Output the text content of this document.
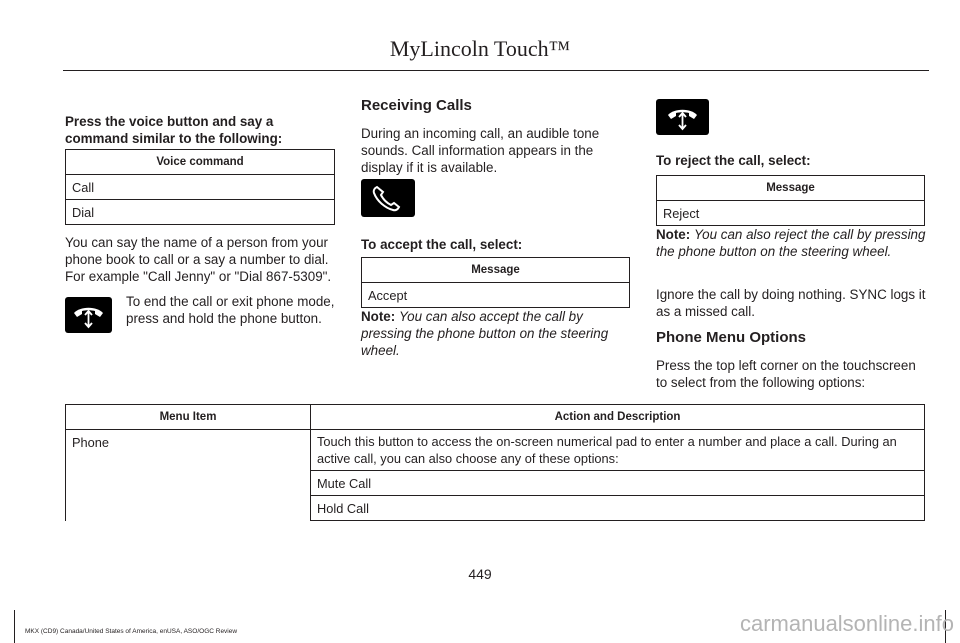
MyLincoln Touch™
Press the voice button and say a command similar to the following:
Voice command
Call
Dial
You can say the name of a person from your phone book to call or a say a number to dial. For example "Call Jenny" or "Dial 867-5309".
To end the call or exit phone mode, press and hold the phone button.
Receiving Calls
During an incoming call, an audible tone sounds. Call information appears in the display if it is available.
To accept the call, select:
Message
Accept
Note: You can also accept the call by pressing the phone button on the steering wheel.
To reject the call, select:
Message
Reject
Note: You can also reject the call by pressing the phone button on the steering wheel.
Ignore the call by doing nothing. SYNC logs it as a missed call.
Phone Menu Options
Press the top left corner on the touchscreen to select from the following options:
Menu Item	Action and Description
Phone	Touch this button to access the on-screen numerical pad to enter a number and place a call. During an active call, you can also choose any of these options:
	Mute Call
	Hold Call
449
MKX (CD9) Canada/United States of America, enUSA, ASO/OGC Review	carmanualsonline.info
